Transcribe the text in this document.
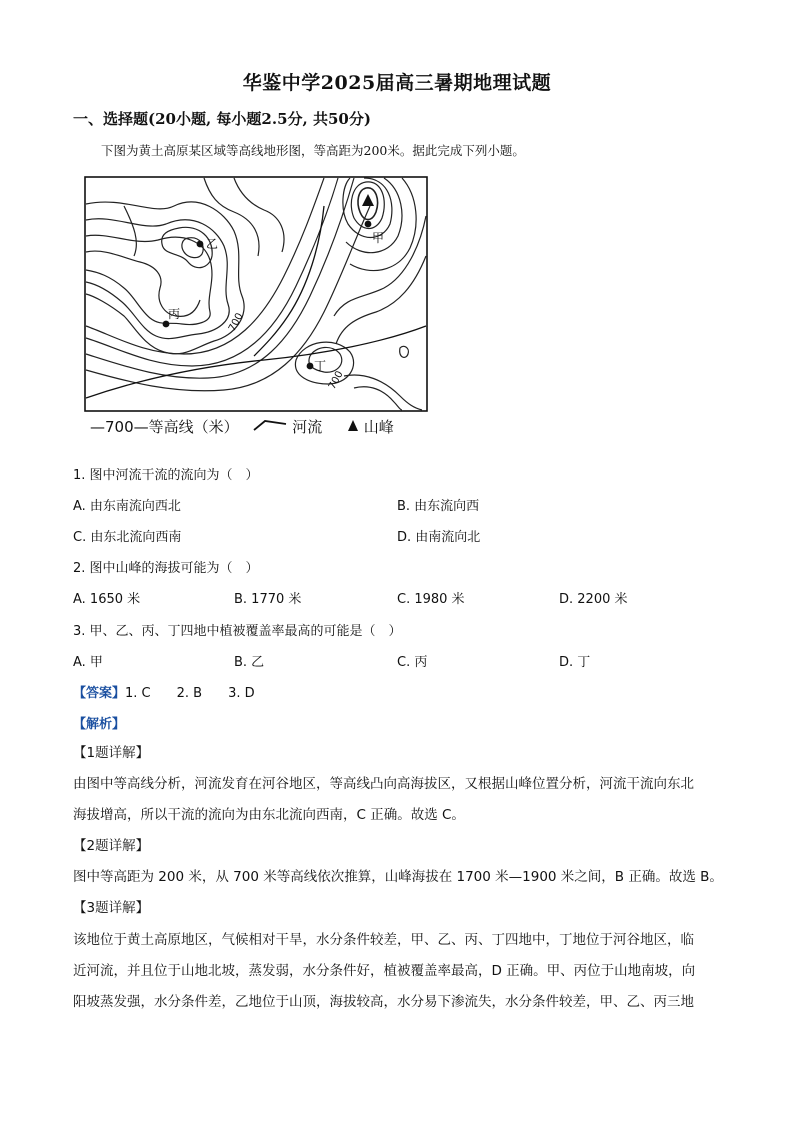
华鉴中学2025届高三暑期地理试题
一、选择题(20小题, 每小题2.5分, 共50分)
下图为黄土高原某区域等高线地形图，等高距为200米。据此完成下列小题。
乙	甲
丙
丁
700
700
—700—等高线（米）	河流	山峰
1. 图中河流干流的流向为（　）
A. 由东南流向西北	B. 由东流向西
C. 由东北流向西南	D. 由南流向北
2. 图中山峰的海拔可能为（　）
A. 1650 米	B. 1770 米	C. 1980 米	D. 2200 米
3. 甲、乙、丙、丁四地中植被覆盖率最高的可能是（　）
A. 甲	B. 乙	C. 丙	D. 丁
【答案】1. C　　2. B　　3. D
【解析】
【1题详解】
由图中等高线分析，河流发育在河谷地区，等高线凸向高海拔区，又根据山峰位置分析，河流干流向东北
海拔增高，所以干流的流向为由东北流向西南，C 正确。故选 C。
【2题详解】
图中等高距为 200 米，从 700 米等高线依次推算，山峰海拔在 1700 米—1900 米之间，B 正确。故选 B。
【3题详解】
该地位于黄土高原地区，气候相对干旱，水分条件较差，甲、乙、丙、丁四地中，丁地位于河谷地区，临
近河流，并且位于山地北坡，蒸发弱，水分条件好，植被覆盖率最高，D 正确。甲、丙位于山地南坡，向
阳坡蒸发强，水分条件差，乙地位于山顶，海拔较高，水分易下渗流失，水分条件较差，甲、乙、丙三地
